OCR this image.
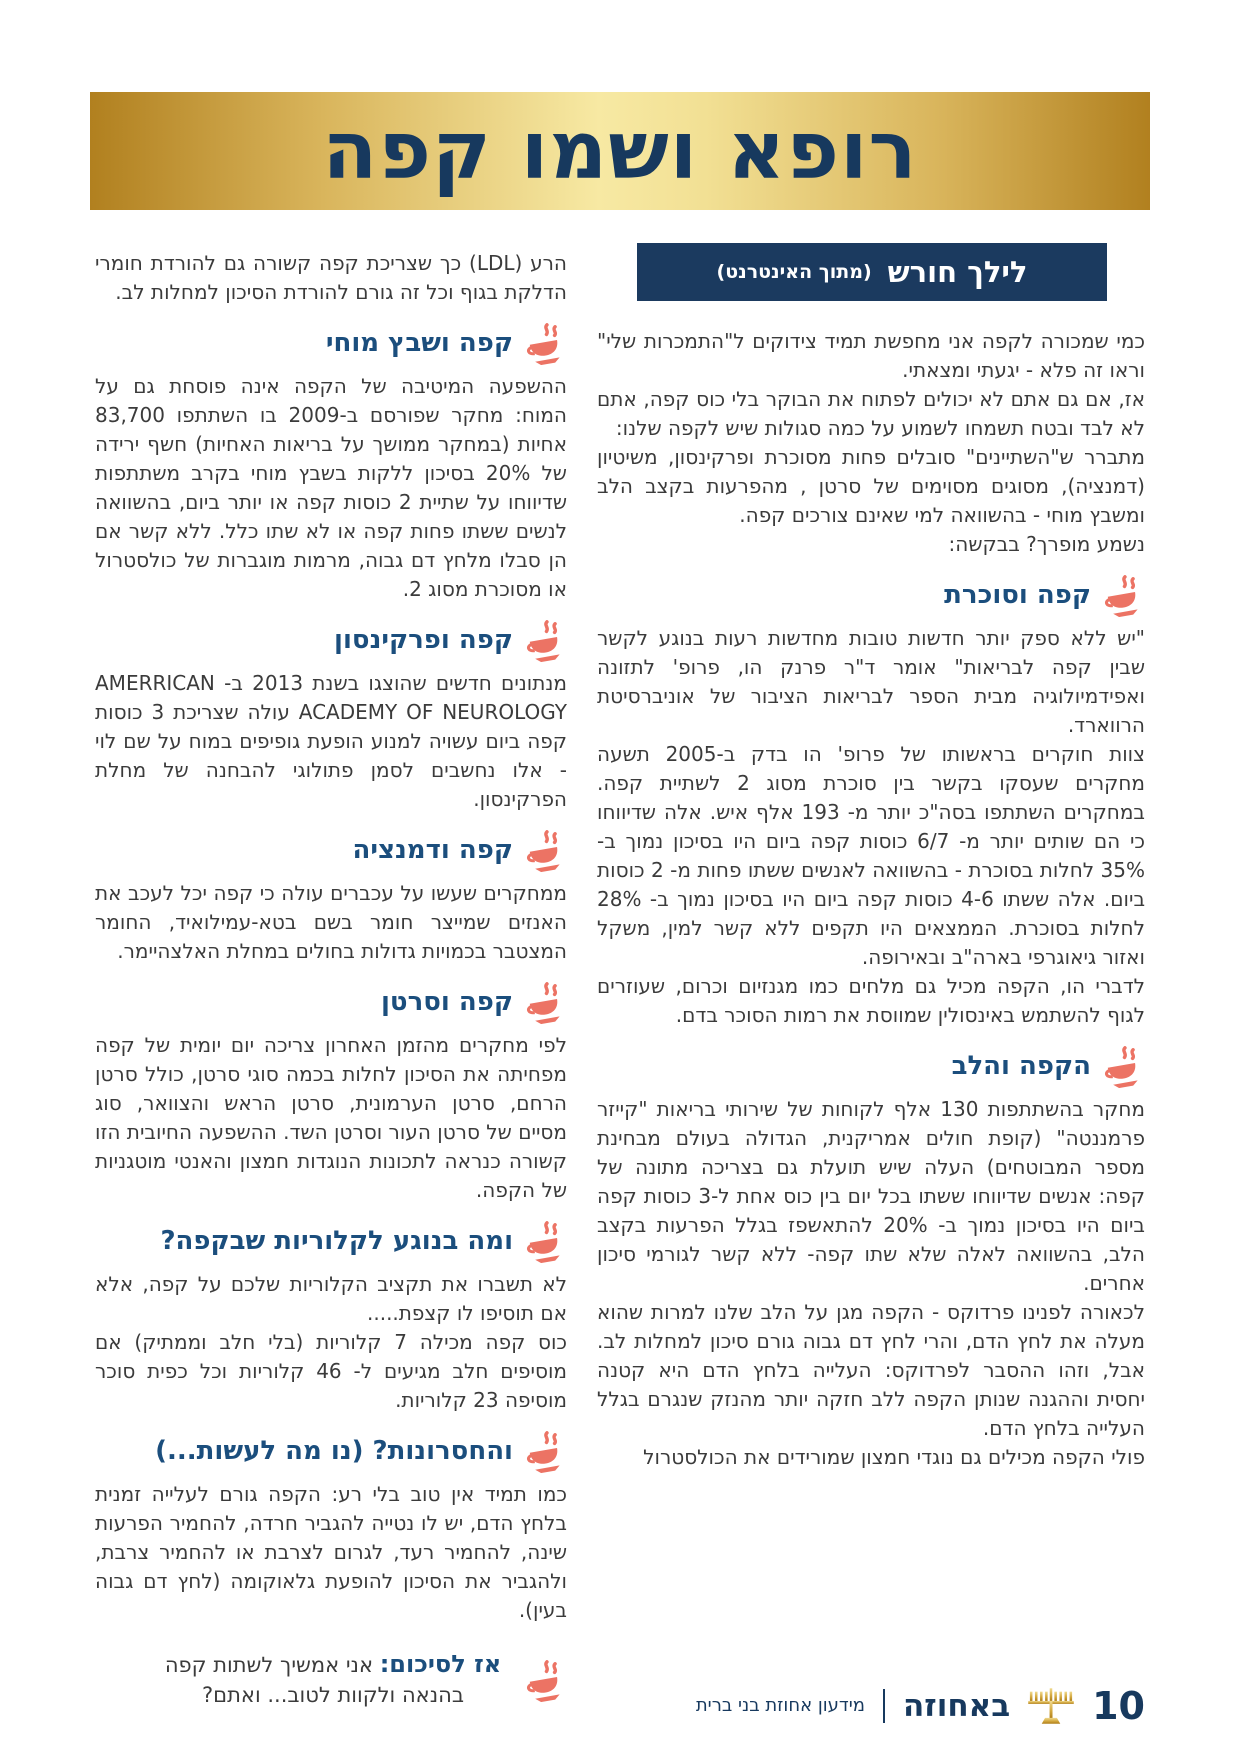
רופא ושמו קפה
לילך חורש
(מתוך האינטרנט)

כמי שמכורה לקפה אני מחפשת תמיד צידוקים ל"התמכרות שלי" וראו זה פלא - יגעתי ומצאתי.

אז, אם גם אתם לא יכולים לפתוח את הבוקר בלי כוס קפה, אתם לא לבד ובטח תשמחו לשמוע על כמה סגולות שיש לקפה שלנו:

מתברר ש"השתיינים" סובלים פחות מסוכרת ופרקינסון, משיטיון (דמנציה), מסוגים מסוימים של סרטן , מהפרעות בקצב הלב ומשבץ מוחי - בהשוואה למי שאינם צורכים קפה.

נשמע מופרך? בבקשה:

קפה וסוכרת

"יש ללא ספק יותר חדשות טובות מחדשות רעות בנוגע לקשר שבין קפה לבריאות" אומר ד"ר פרנק הו, פרופ' לתזונה ואפידמיולוגיה מבית הספר לבריאות הציבור של אוניברסיטת הרווארד.

צוות חוקרים בראשותו של פרופ' הו בדק ב-2005 תשעה מחקרים שעסקו בקשר בין סוכרת מסוג 2 לשתיית קפה. במחקרים השתתפו בסה"כ יותר מ- 193 אלף איש. אלה שדיווחו כי הם שותים יותר מ- 6/7 כוסות קפה ביום היו בסיכון נמוך ב- 35% לחלות בסוכרת - בהשוואה לאנשים ששתו פחות מ- 2 כוסות ביום. אלה ששתו 4-6 כוסות קפה ביום היו בסיכון נמוך ב- 28% לחלות בסוכרת. הממצאים היו תקפים ללא קשר למין, משקל ואזור גיאוגרפי בארה"ב ובאירופה.

לדברי הו, הקפה מכיל גם מלחים כמו מגנזיום וכרום, שעוזרים לגוף להשתמש באינסולין שמווסת את רמות הסוכר בדם.

הקפה והלב

מחקר בהשתתפות 130 אלף לקוחות של שירותי בריאות "קייזר פרמננטה" (קופת חולים אמריקנית, הגדולה בעולם מבחינת מספר המבוטחים) העלה שיש תועלת גם בצריכה מתונה של קפה: אנשים שדיווחו ששתו בכל יום בין כוס אחת ל-3 כוסות קפה ביום היו בסיכון נמוך ב- 20% להתאשפז בגלל הפרעות בקצב הלב, בהשוואה לאלה שלא שתו קפה- ללא קשר לגורמי סיכון אחרים.

לכאורה לפנינו פרדוקס - הקפה מגן על הלב שלנו למרות שהוא מעלה את לחץ הדם, והרי לחץ דם גבוה גורם סיכון למחלות לב. אבל, וזהו ההסבר לפרדוקס: העלייה בלחץ הדם היא קטנה יחסית וההגנה שנותן הקפה ללב חזקה יותר מהנזק שנגרם בגלל העלייה בלחץ הדם.

פולי הקפה מכילים גם נוגדי חמצון שמורידים את הכולסטרול

הרע (LDL) כך שצריכת קפה קשורה גם להורדת חומרי הדלקת בגוף וכל זה גורם להורדת הסיכון למחלות לב.

קפה ושבץ מוחי

ההשפעה המיטיבה של הקפה אינה פוסחת גם על המוח: מחקר שפורסם ב-2009 בו השתתפו 83,700 אחיות (במחקר ממושך על בריאות האחיות) חשף ירידה של 20% בסיכון ללקות בשבץ מוחי בקרב משתתפות שדיווחו על שתיית 2 כוסות קפה או יותר ביום, בהשוואה לנשים ששתו פחות קפה או לא שתו כלל. ללא קשר אם הן סבלו מלחץ דם גבוה, מרמות מוגברות של כולסטרול או מסוכרת מסוג 2.

קפה ופרקינסון

מנתונים חדשים שהוצגו בשנת 2013 ב- AMERRICAN ACADEMY OF NEUROLOGY עולה שצריכת 3 כוסות קפה ביום עשויה למנוע הופעת גופיפים במוח על שם לוי - אלו נחשבים לסמן פתולוגי להבחנה של מחלת הפרקינסון.

קפה ודמנציה

ממחקרים שעשו על עכברים עולה כי קפה יכל לעכב את האנזים שמייצר חומר בשם בטא-עמילואיד, החומר המצטבר בכמויות גדולות בחולים במחלת האלצהיימר.

קפה וסרטן

לפי מחקרים מהזמן האחרון צריכה יום יומית של קפה מפחיתה את הסיכון לחלות בכמה סוגי סרטן, כולל סרטן הרחם, סרטן הערמונית, סרטן הראש והצוואר, סוג מסיים של סרטן העור וסרטן השד. ההשפעה החיובית הזו קשורה כנראה לתכונות הנוגדות חמצון והאנטי מוטגניות של הקפה.

ומה בנוגע לקלוריות שבקפה?

לא תשברו את תקציב הקלוריות שלכם על קפה, אלא אם תוסיפו לו קצפת.....

כוס קפה מכילה 7 קלוריות (בלי חלב וממתיק) אם מוסיפים חלב מגיעים ל- 46 קלוריות וכל כפית סוכר מוסיפה 23 קלוריות.

והחסרונות? (נו מה לעשות...)

כמו תמיד אין טוב בלי רע: הקפה גורם לעלייה זמנית בלחץ הדם, יש לו נטייה להגביר חרדה, להחמיר הפרעות שינה, להחמיר רעד, לגרום לצרבת או להחמיר צרבת, ולהגביר את הסיכון להופעת גלאוקומה (לחץ דם גבוה בעין).

אז לסיכום: אני אמשיך לשתות קפה בהנאה ולקוות לטוב... ואתם?	10
באחוזה
מידעון אחוזת בני ברית
